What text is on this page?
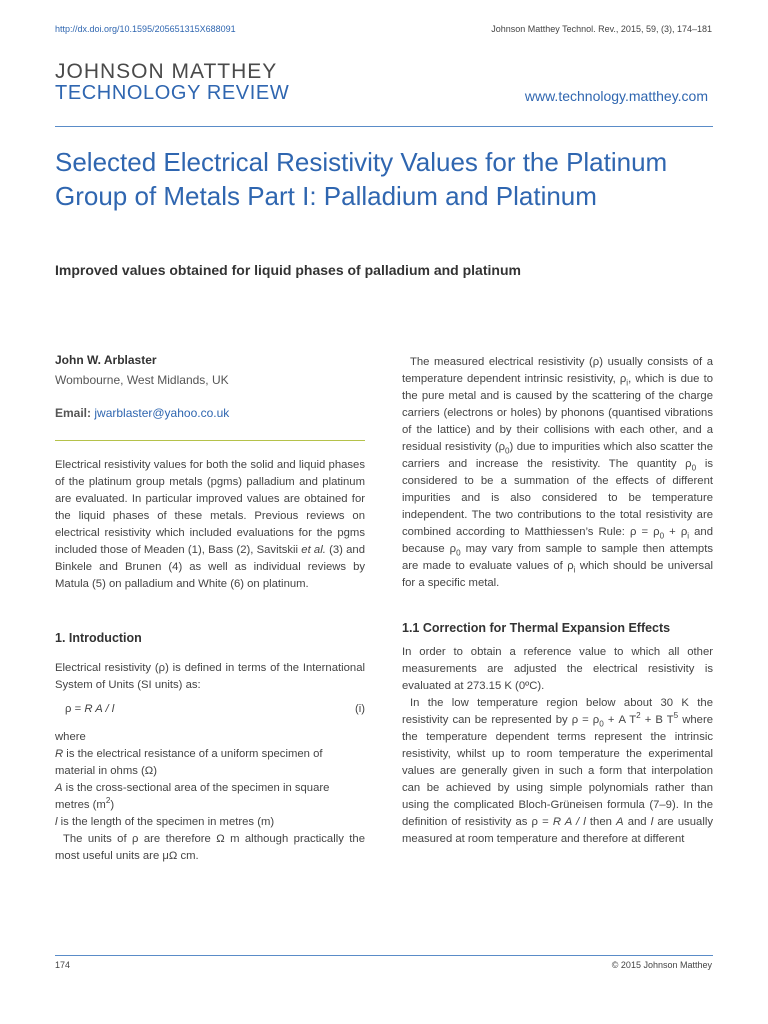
http://dx.doi.org/10.1595/205651315X688091	Johnson Matthey Technol. Rev., 2015, 59, (3), 174–181
JOHNSON MATTHEY
TECHNOLOGY REVIEW	www.technology.matthey.com
Selected Electrical Resistivity Values for the Platinum Group of Metals Part I: Palladium and Platinum
Improved values obtained for liquid phases of palladium and platinum
John W. Arblaster
Wombourne, West Midlands, UK
Email: jwarblaster@yahoo.co.uk
Electrical resistivity values for both the solid and liquid phases of the platinum group metals (pgms) palladium and platinum are evaluated. In particular improved values are obtained for the liquid phases of these metals. Previous reviews on electrical resistivity which included evaluations for the pgms included those of Meaden (1), Bass (2), Savitskii et al. (3) and Binkele and Brunen (4) as well as individual reviews by Matula (5) on palladium and White (6) on platinum.
1. Introduction
Electrical resistivity (ρ) is defined in terms of the International System of Units (SI units) as:
ρ = R A / l	(i)
where
R is the electrical resistance of a uniform specimen of material in ohms (Ω)
A is the cross-sectional area of the specimen in square metres $(m^2)$
l is the length of the specimen in metres (m)
The units of ρ are therefore Ω m although practically the most useful units are μΩ cm.
The measured electrical resistivity (ρ) usually consists of a temperature dependent intrinsic resistivity, $\rho_i$, which is due to the pure metal and is caused by the scattering of the charge carriers (electrons or holes) by phonons (quantised vibrations of the lattice) and by their collisions with each other, and a residual resistivity $(\rho_0)$ due to impurities which also scatter the carriers and increase the resistivity. The quantity $\rho_0$ is considered to be a summation of the effects of different impurities and is also considered to be temperature independent. The two contributions to the total resistivity are combined according to Matthiessen’s Rule: $\rho = \rho_0 + \rho_i$ and because $\rho_0$ may vary from sample to sample then attempts are made to evaluate values of $\rho_i$ which should be universal for a specific metal.
1.1 Correction for Thermal Expansion Effects
In order to obtain a reference value to which all other measurements are adjusted the electrical resistivity is evaluated at 273.15 K (0ºC).
In the low temperature region below about 30 K the resistivity can be represented by $\rho = \rho_0 + A$ $T^2 + B$ $T^5$ where the temperature dependent terms represent the intrinsic resistivity, whilst up to room temperature the experimental values are generally given in such a form that interpolation can be achieved by using simple polynomials rather than using the complicated Bloch-Grüneisen formula (7–9). In the definition of resistivity as ρ = R A / l then A and l are usually measured at room temperature and therefore at different
174	© 2015 Johnson Matthey
